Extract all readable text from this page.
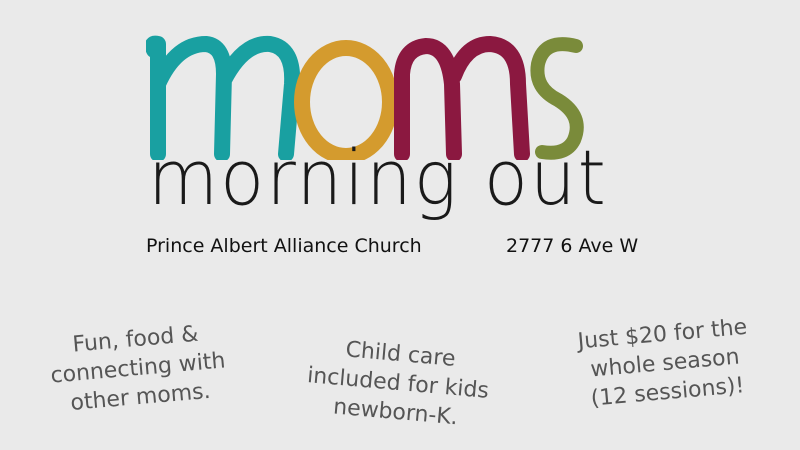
morning out
Prince Albert Alliance Church	2777 6 Ave W
Fun, food &
connecting with
other moms.
Child care
included for kids
newborn-K.
Just $20 for the
whole season
(12 sessions)!
